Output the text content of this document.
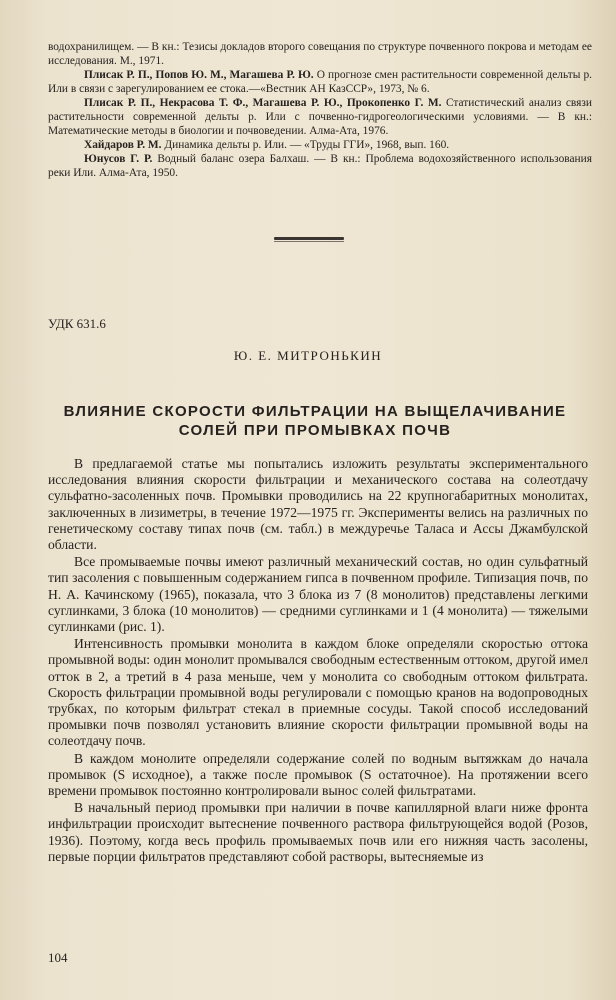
водохранилищем. — В кн.: Тезисы докладов второго совещания по структуре почвенного покрова и методам ее исследования. М., 1971.

Плисак Р. П., Попов Ю. М., Магашева Р. Ю. О прогнозе смен растительности современной дельты р. Или в связи с зарегулированием ее стока.—«Вестник АН КазССР», 1973, № 6.

Плисак Р. П., Некрасова Т. Ф., Магашева Р. Ю., Прокопенко Г. М. Статистический анализ связи растительности современной дельты р. Или с почвенно-гидрогеологическими условиями. — В кн.: Математические методы в биологии и почвоведении. Алма-Ата, 1976.

Хайдаров Р. М. Динамика дельты р. Или. — «Труды ГГИ», 1968, вып. 160.

Юнусов Г. Р. Водный баланс озера Балхаш. — В кн.: Проблема водохозяйственного использования реки Или. Алма-Ата, 1950.

УДК 631.6
Ю. Е. МИТРОНЬКИН
ВЛИЯНИЕ СКОРОСТИ ФИЛЬТРАЦИИ НА ВЫЩЕЛАЧИВАНИЕ СОЛЕЙ ПРИ ПРОМЫВКАХ ПОЧВ

В предлагаемой статье мы попытались изложить результаты экспериментального исследования влияния скорости фильтрации и механического состава на солеотдачу сульфатно-засоленных почв. Промывки проводились на 22 крупногабаритных монолитах, заключенных в лизиметры, в течение 1972—1975 гг. Эксперименты велись на различных по генетическому составу типах почв (см. табл.) в междуречье Таласа и Ассы Джамбулской области.

Все промываемые почвы имеют различный механический состав, но один сульфатный тип засоления с повышенным содержанием гипса в почвенном профиле. Типизация почв, по Н. А. Качинскому (1965), показала, что 3 блока из 7 (8 монолитов) представлены легкими суглинками, 3 блока (10 монолитов) — средними суглинками и 1 (4 монолита) — тяжелыми суглинками (рис. 1).

Интенсивность промывки монолита в каждом блоке определяли скоростью оттока промывной воды: один монолит промывался свободным естественным оттоком, другой имел отток в 2, а третий в 4 раза меньше, чем у монолита со свободным оттоком фильтрата. Скорость фильтрации промывной воды регулировали с помощью кранов на водопроводных трубках, по которым фильтрат стекал в приемные сосуды. Такой способ исследований промывки почв позволял установить влияние скорости фильтрации промывной воды на солеотдачу почв.

В каждом монолите определяли содержание солей по водным вытяжкам до начала промывок (S исходное), а также после промывок (S остаточное). На протяжении всего времени промывок постоянно контролировали вынос солей фильтратами.

В начальный период промывки при наличии в почве капиллярной влаги ниже фронта инфильтрации происходит вытеснение почвенного раствора фильтрующейся водой (Розов, 1936). Поэтому, когда весь профиль промываемых почв или его нижняя часть засолены, первые порции фильтратов представляют собой растворы, вытесняемые из

104
